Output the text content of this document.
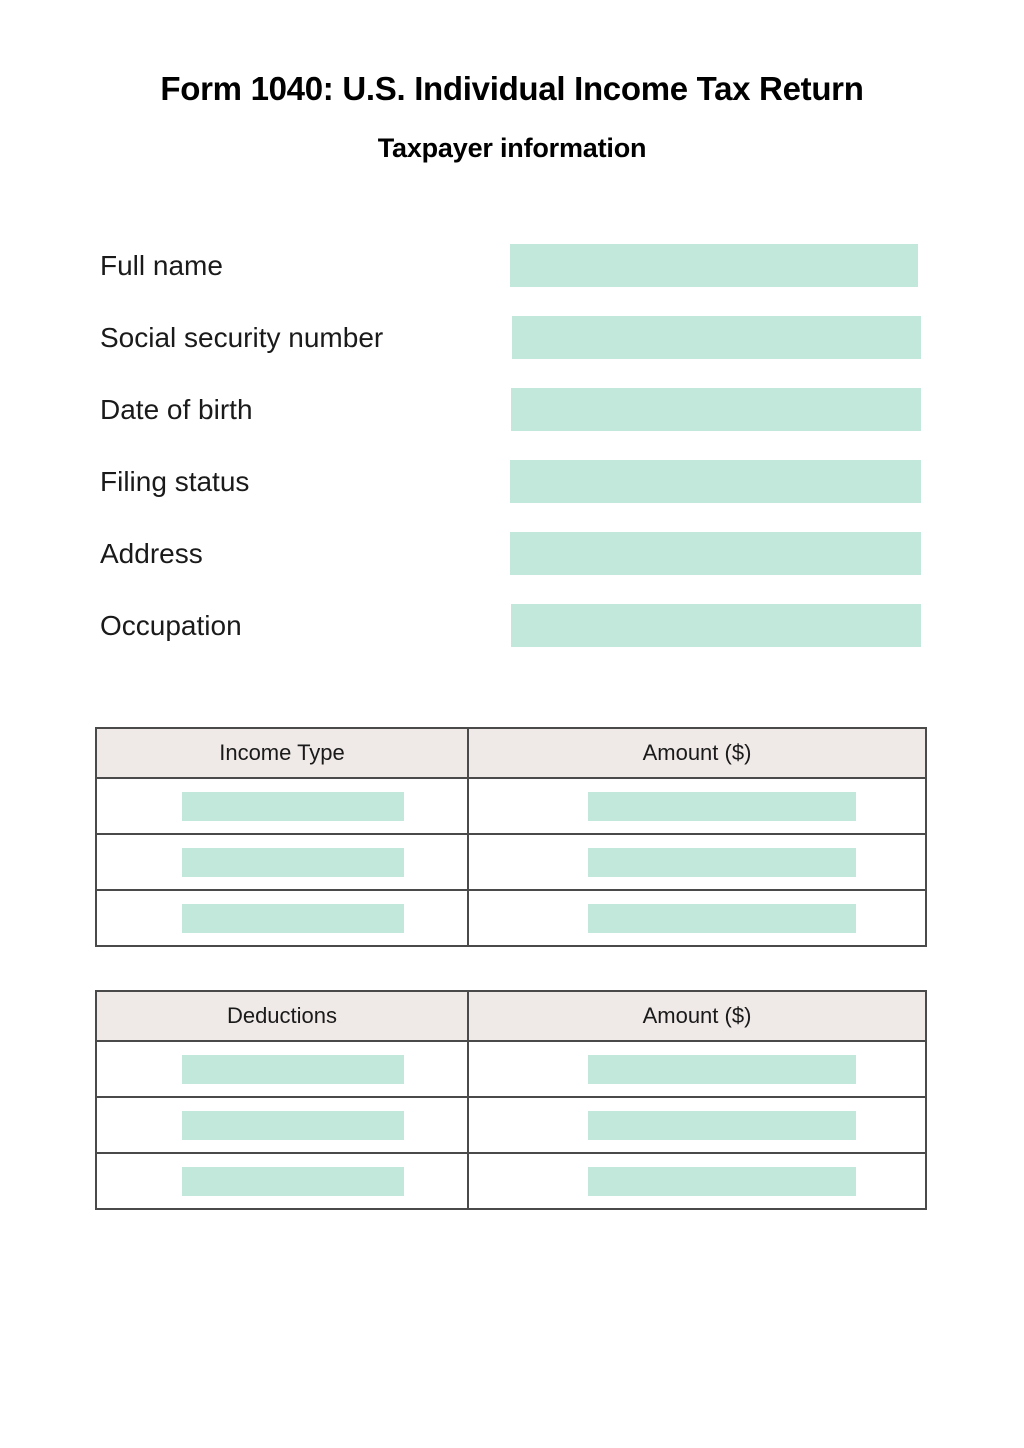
Form 1040: U.S. Individual Income Tax Return
Taxpayer information
Full name
Social security number
Date of birth
Filing status
Address
Occupation
Income Type	Amount ($)

Deductions	Amount ($)
